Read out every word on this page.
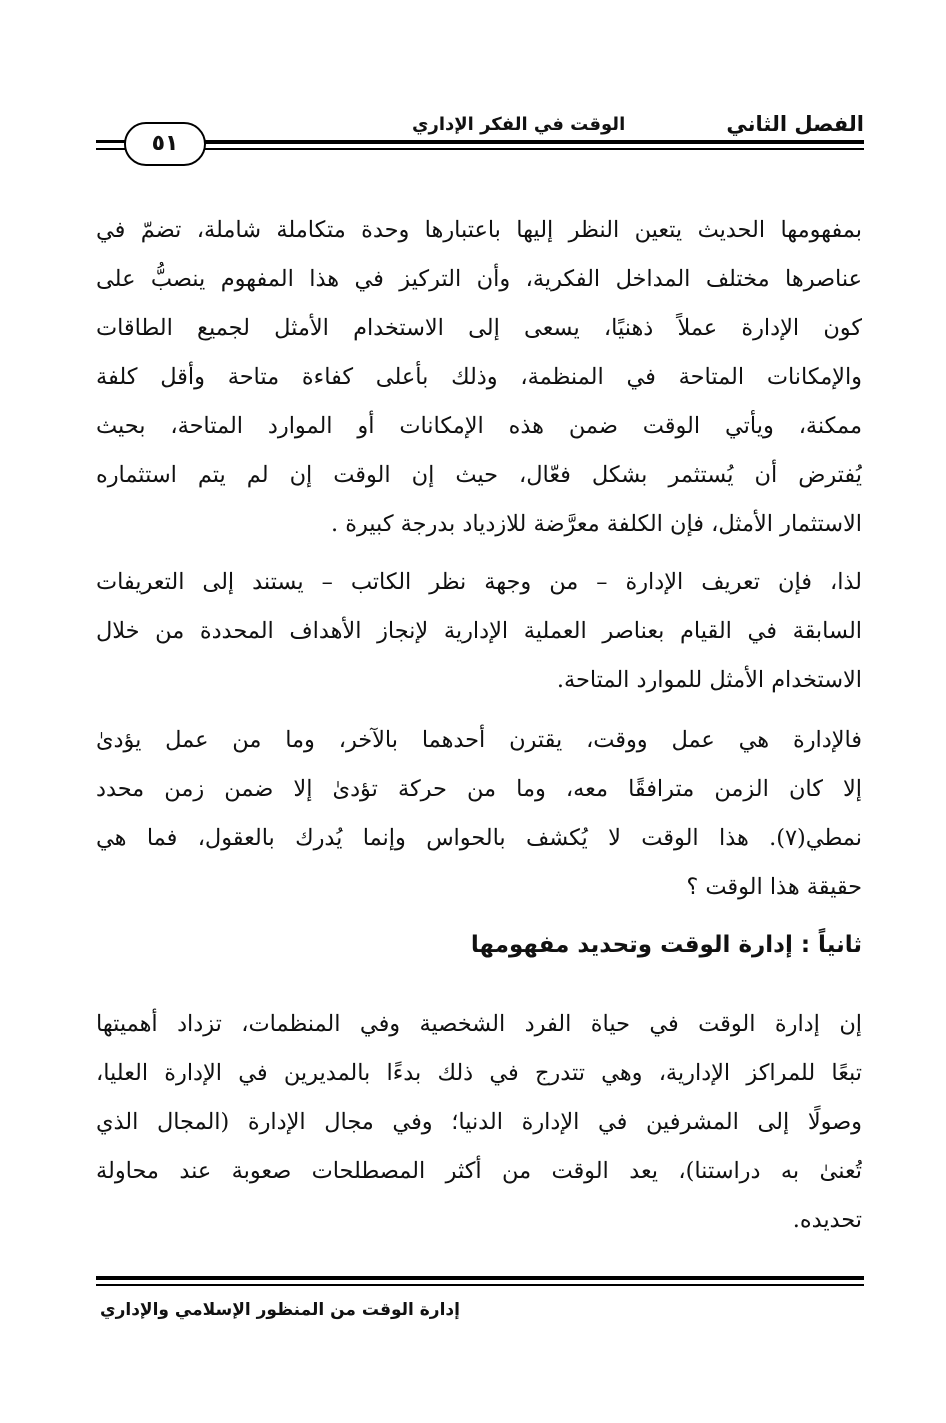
الفصل الثاني
الوقت في الفكر الإداري
٥١
بمفهومها الحديث يتعين النظر إليها باعتبارها وحدة متكاملة شاملة، تضمّ في
عناصرها مختلف المداخل الفكرية، وأن التركيز في هذا المفهوم ينصبُّ على
كون الإدارة عملاً ذهنيًا، يسعى إلى الاستخدام الأمثل لجميع الطاقات
والإمكانات المتاحة في المنظمة، وذلك بأعلى كفاءة متاحة وأقل كلفة
ممكنة، ويأتي الوقت ضمن هذه الإمكانات أو الموارد المتاحة، بحيث
يُفترض أن يُستثمر بشكل فعّال، حيث إن الوقت إن لم يتم استثماره
الاستثمار الأمثل، فإن الكلفة معرَّضة للازدياد بدرجة كبيرة .
لذا، فإن تعريف الإدارة – من وجهة نظر الكاتب – يستند إلى التعريفات
السابقة في القيام بعناصر العملية الإدارية لإنجاز الأهداف المحددة من خلال
الاستخدام الأمثل للموارد المتاحة.
فالإدارة هي عمل ووقت، يقترن أحدهما بالآخر، وما من عمل يؤدىٰ
إلا كان الزمن مترافقًا معه، وما من حركة تؤدىٰ إلا ضمن زمن محدد
نمطي(٧). هذا الوقت لا يُكشف بالحواس وإنما يُدرك بالعقول، فما هي
حقيقة هذا الوقت ؟
ثانياً : إدارة الوقت وتحديد مفهومها
إن إدارة الوقت في حياة الفرد الشخصية وفي المنظمات، تزداد أهميتها
تبعًا للمراكز الإدارية، وهي تتدرج في ذلك بدءًا بالمديرين في الإدارة العليا،
وصولًا إلى المشرفين في الإدارة الدنيا؛ وفي مجال الإدارة (المجال الذي
تُعنىٰ به دراستنا)، يعد الوقت من أكثر المصطلحات صعوبة عند محاولة
تحديده.
إدارة الوقت من المنظور الإسلامي والإداري
